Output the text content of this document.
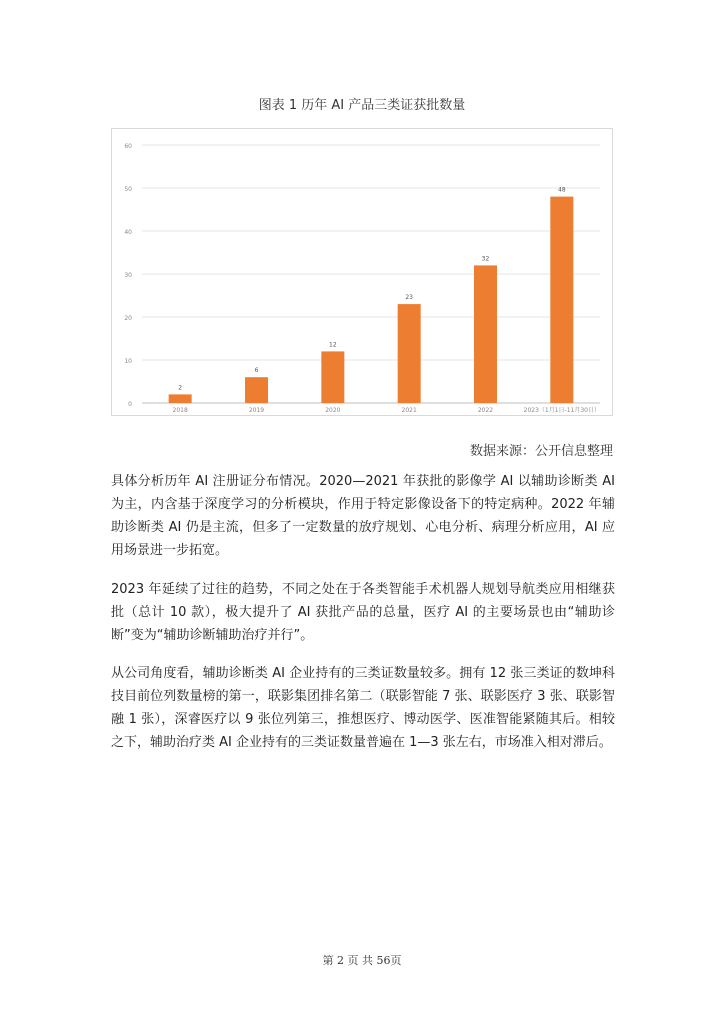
图表 1 历年 AI 产品三类证获批数量
0
10
20
30
40
50
60
2
2018
6
2019
12
2020
23
2021
32
2022
48
2023（1月1日-11月30日）
数据来源：公开信息整理

具体分析历年 AI 注册证分布情况。2020—2021 年获批的影像学 AI 以辅助诊断类 AI 为主，内含基于深度学习的分析模块，作用于特定影像设备下的特定病种。2022 年辅助诊断类 AI 仍是主流，但多了一定数量的放疗规划、心电分析、病理分析应用，AI 应用场景进一步拓宽。

2023 年延续了过往的趋势，不同之处在于各类智能手术机器人规划导航类应用相继获批（总计 10 款），极大提升了 AI 获批产品的总量，医疗 AI 的主要场景也由“辅助诊断”变为“辅助诊断辅助治疗并行”。

从公司角度看，辅助诊断类 AI 企业持有的三类证数量较多。拥有 12 张三类证的数坤科技目前位列数量榜的第一，联影集团排名第二（联影智能 7 张、联影医疗 3 张、联影智融 1 张），深睿医疗以 9 张位列第三，推想医疗、博动医学、医准智能紧随其后。相较之下，辅助治疗类 AI 企业持有的三类证数量普遍在 1—3 张左右，市场准入相对滞后。

第 2 页 共 56页
